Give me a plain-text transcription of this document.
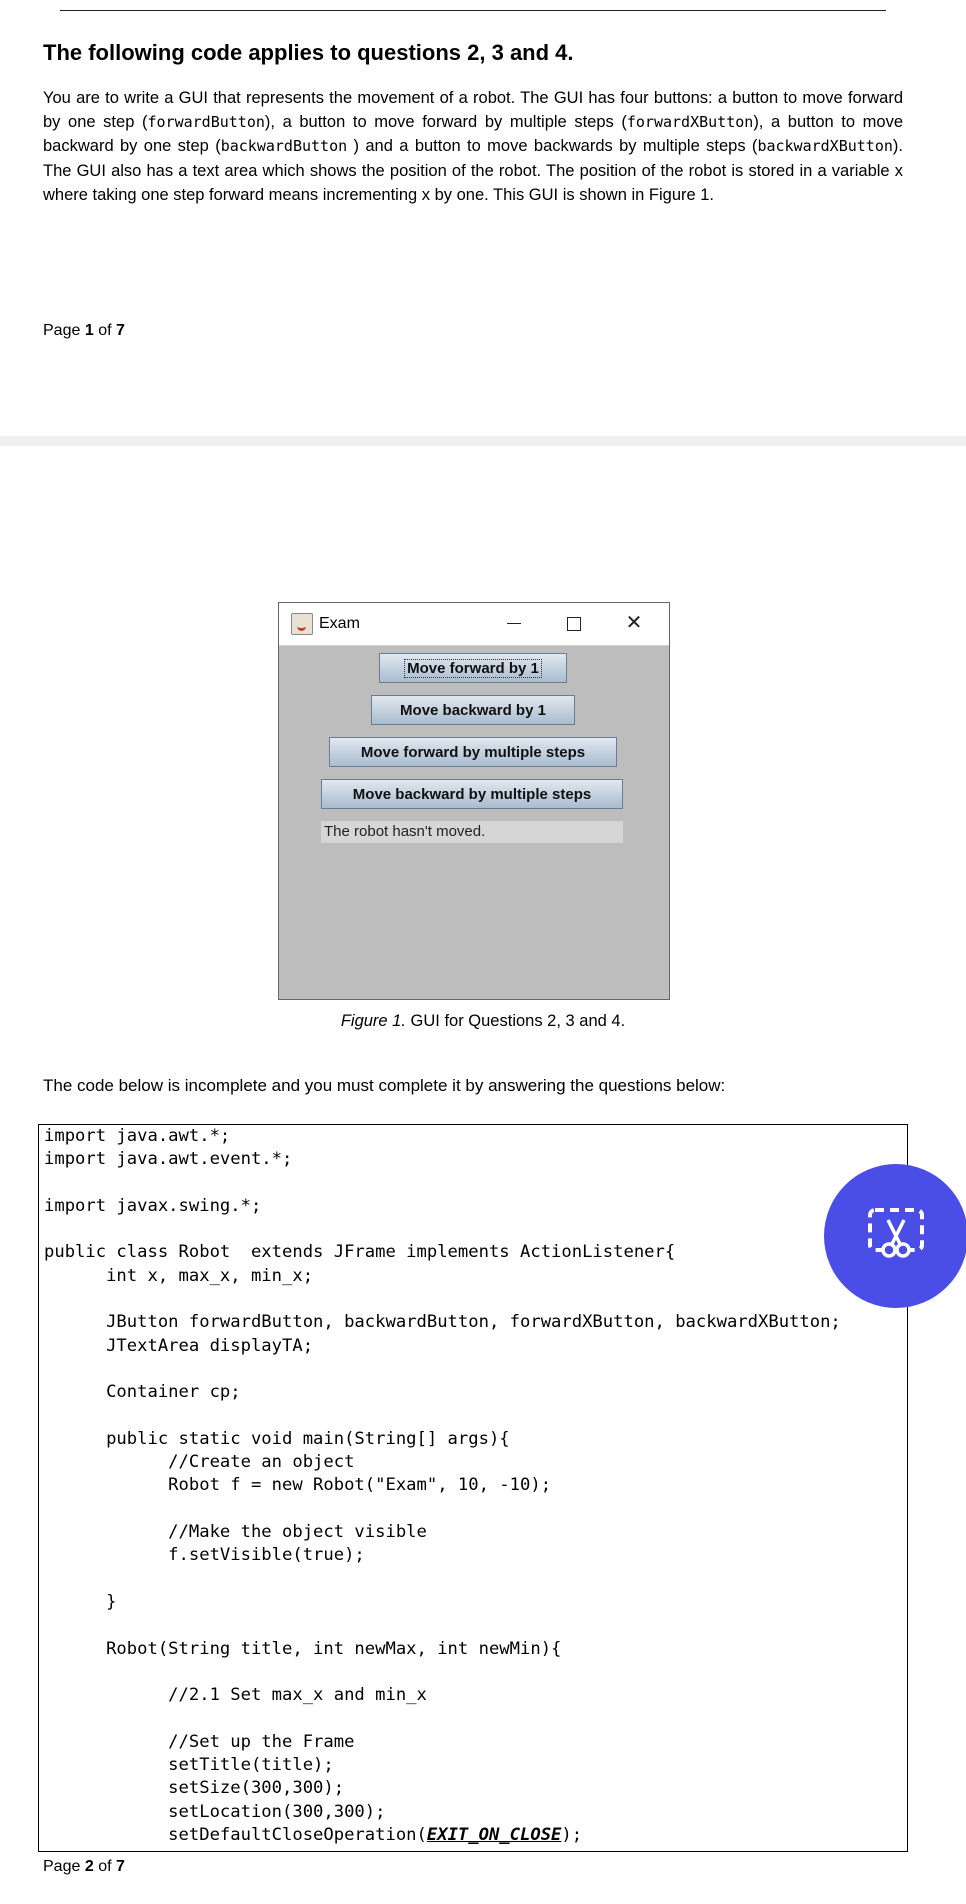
The following code applies to questions 2, 3 and 4.
You are to write a GUI that represents the movement of a robot. The GUI has four buttons: a button to move forward by one step (forwardButton), a button to move forward by multiple steps (forwardXButton), a button to move backward by one step (backwardButton ) and a button to move backwards by multiple steps (backwardXButton). The GUI also has a text area which shows the position of the robot. The position of the robot is stored in a variable x where taking one step forward means incrementing x by one. This GUI is shown in Figure 1.
Page 1 of 7
Exam	✕
Move forward by 1
Move backward by 1
Move forward by multiple steps
Move backward by multiple steps
The robot hasn't moved.
Figure 1. GUI for Questions 2, 3 and 4.
The code below is incomplete and you must complete it by answering the questions below:
import java.awt.*;
import java.awt.event.*;
import javax.swing.*;
public class Robot  extends JFrame implements ActionListener{
int x, max_x, min_x;
JButton forwardButton, backwardButton, forwardXButton, backwardXButton;
JTextArea displayTA;
Container cp;
public static void main(String[] args){
//Create an object
Robot f = new Robot("Exam", 10, -10);
//Make the object visible
f.setVisible(true);
}
Robot(String title, int newMax, int newMin){
//2.1 Set max_x and min_x
//Set up the Frame
setTitle(title);
setSize(300,300);
setLocation(300,300);
setDefaultCloseOperation(EXIT_ON_CLOSE);
Page 2 of 7
